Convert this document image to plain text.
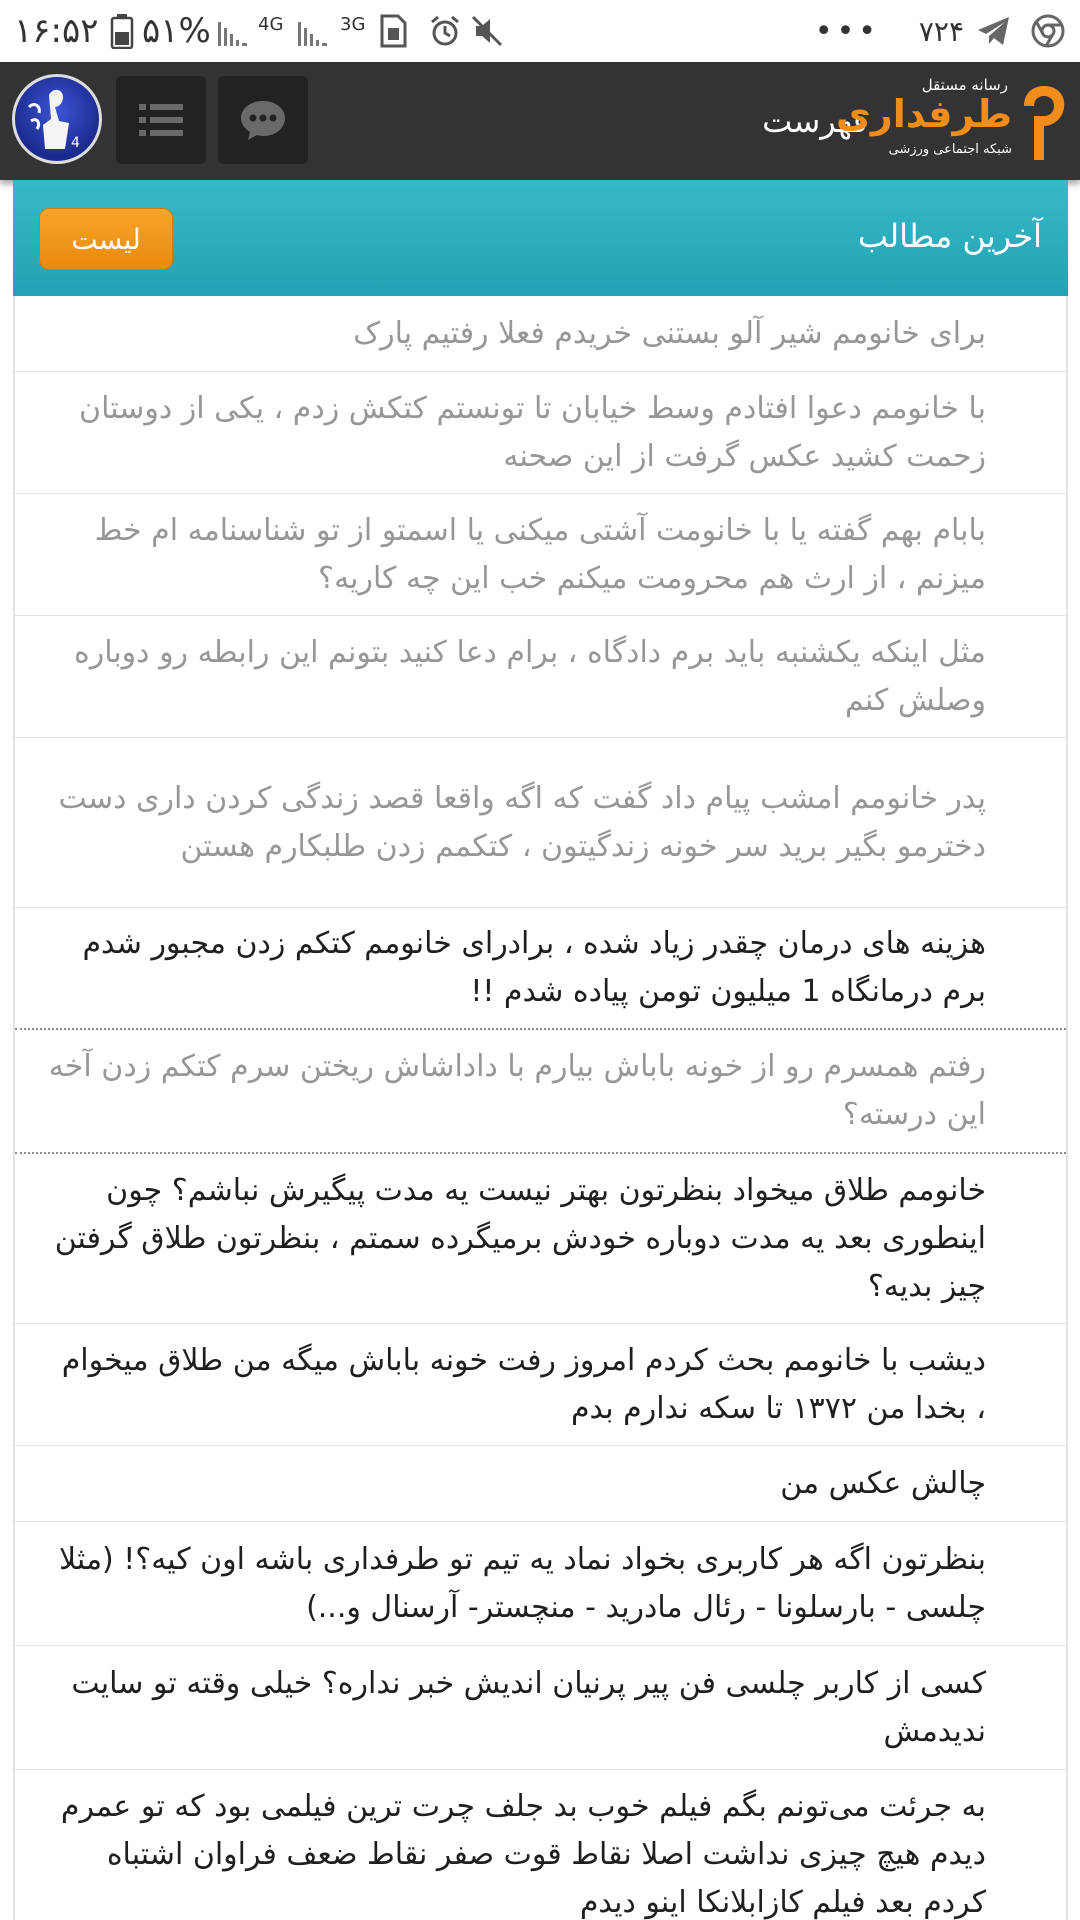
۱۶:۵۲ ۵۱%	4G	3G	••• ۷۲۴
4
فهرست
رسانه مستقل
طرفداری
شبکه اجتماعی ورزشی
آخرین مطالب
لیست
برای خانومم شیر آلو بستنی خریدم فعلا رفتیم پارک
با خانومم دعوا افتادم وسط خیابان تا تونستم کتکش زدم ، یکی از دوستان زحمت کشید عکس گرفت از این صحنه
بابام بهم گفته یا با خانومت آشتی میکنی یا اسمتو از تو شناسنامه ام خط میزنم ، از ارث هم محرومت میکنم خب این چه کاریه؟
مثل اینکه یکشنبه باید برم دادگاه ، برام دعا کنید بتونم این رابطه رو دوباره وصلش کنم
پدر خانومم امشب پیام داد گفت که اگه واقعا قصد زندگی کردن داری دست دخترمو بگیر برید سر خونه زندگیتون ، کتکمم زدن طلبکارم هستن
هزینه های درمان چقدر زیاد شده ، برادرای خانومم کتکم زدن مجبور شدم برم درمانگاه 1 میلیون تومن پیاده شدم !!
رفتم همسرم رو از خونه باباش بیارم با داداشاش ریختن سرم کتکم زدن آخه این درسته؟
خانومم طلاق میخواد بنظرتون بهتر نیست یه مدت پیگیرش نباشم؟ چون اینطوری بعد یه مدت دوباره خودش برمیگرده سمتم ، بنظرتون طلاق گرفتن چیز بدیه؟
دیشب با خانومم بحث کردم امروز رفت خونه باباش میگه من طلاق میخوام ، بخدا من ۱۳۷۲ تا سکه ندارم بدم
چالش عکس من
بنظرتون اگه هر کاربری بخواد نماد یه تیم تو طرفداری باشه اون کیه؟! (مثلا چلسی - بارسلونا - رئال مادرید - منچستر- آرسنال و...)
کسی از کاربر چلسی فن پیر پرنیان اندیش خبر نداره؟ خیلی وقته تو سایت ندیدمش
به جرئت می‌تونم بگم فیلم خوب بد جلف چرت ترین فیلمی بود که تو عمرم دیدم هیچ چیزی نداشت اصلا نقاط قوت صفر نقاط ضعف فراوان اشتباه کردم بعد فیلم کازابلانکا اینو دیدم
